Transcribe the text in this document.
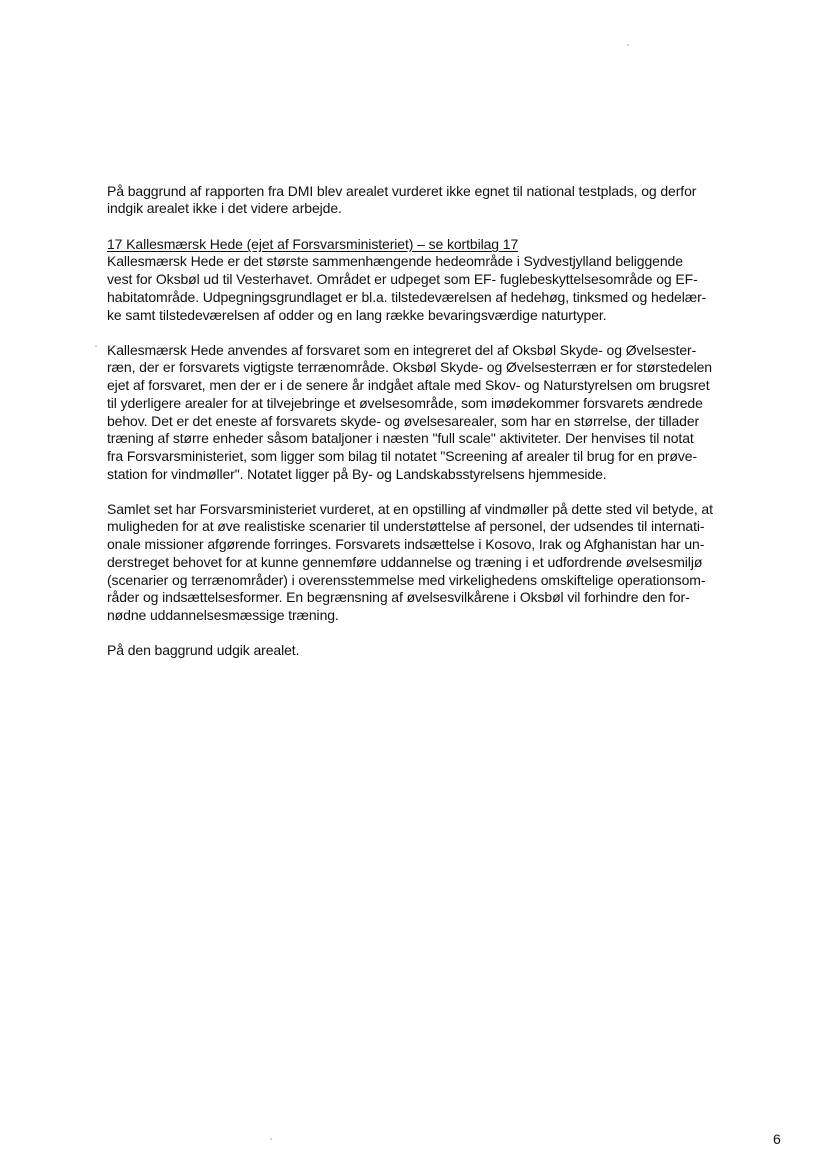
På baggrund af rapporten fra DMI blev arealet vurderet ikke egnet til national testplads, og derfor
indgik arealet ikke i det videre arbejde.
17 Kallesmærsk Hede (ejet af Forsvarsministeriet) – se kortbilag 17
Kallesmærsk Hede er det største sammenhængende hedeområde i Sydvestjylland beliggende
vest for Oksbøl ud til Vesterhavet. Området er udpeget som EF- fuglebeskyttelsesområde og EF-
habitatområde. Udpegningsgrundlaget er bl.a. tilstedeværelsen af hedehøg, tinksmed og hedelær-
ke samt tilstedeværelsen af odder og en lang række bevaringsværdige naturtyper.
Kallesmærsk Hede anvendes af forsvaret som en integreret del af Oksbøl Skyde- og Øvelsester-
ræn, der er forsvarets vigtigste terrænområde. Oksbøl Skyde- og Øvelsesterræn er for størstedelen
ejet af forsvaret, men der er i de senere år indgået aftale med Skov- og Naturstyrelsen om brugsret
til yderligere arealer for at tilvejebringe et øvelsesområde, som imødekommer forsvarets ændrede
behov. Det er det eneste af forsvarets skyde- og øvelsesarealer, som har en størrelse, der tillader
træning af større enheder såsom bataljoner i næsten "full scale" aktiviteter. Der henvises til notat
fra Forsvarsministeriet, som ligger som bilag til notatet "Screening af arealer til brug for en prøve-
station for vindmøller". Notatet ligger på By- og Landskabsstyrelsens hjemmeside.
Samlet set har Forsvarsministeriet vurderet, at en opstilling af vindmøller på dette sted vil betyde, at
muligheden for at øve realistiske scenarier til understøttelse af personel, der udsendes til internati-
onale missioner afgørende forringes. Forsvarets indsættelse i Kosovo, Irak og Afghanistan har un-
derstreget behovet for at kunne gennemføre uddannelse og træning i et udfordrende øvelsesmiljø
(scenarier og terrænområder) i overensstemmelse med virkelighedens omskiftelige operationsom-
råder og indsættelsesformer. En begrænsning af øvelsesvilkårene i Oksbøl vil forhindre den for-
nødne uddannelsesmæssige træning.
På den baggrund udgik arealet.
6
